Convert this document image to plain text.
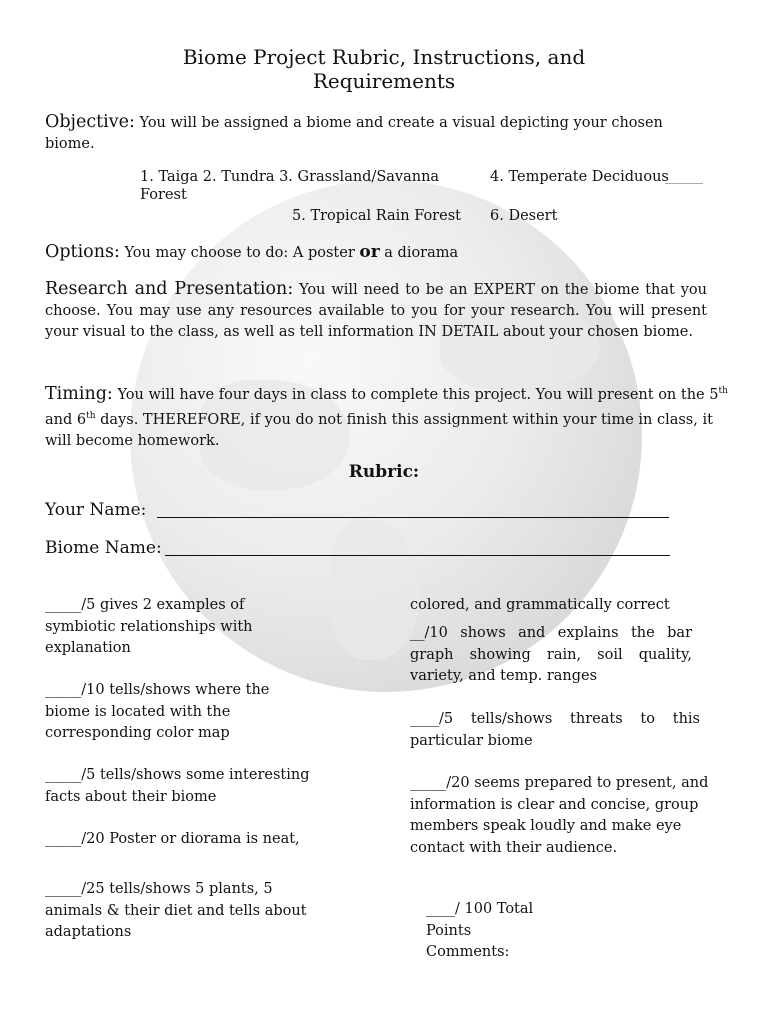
Biome Project Rubric, Instructions, and
Requirements
Objective: You will be assigned a biome and create a visual depicting your chosen biome.
1. Taiga 2. Tundra 3. Grassland/Savanna	4. Temperate Deciduous
Forest
5. Tropical Rain Forest 6. Desert
Options: You may choose to do: A poster or a diorama
Research and Presentation: You will need to be an EXPERT on the biome that you choose. You may use any resources available to you for your research. You will present your visual to the class, as well as tell information IN DETAIL about your chosen biome.
Timing: You will have four days in class to complete this project. You will present on the 5th and 6th days. THEREFORE, if you do not finish this assignment within your time in class, it will become homework.
Rubric:
Your Name:
Biome Name:
_____/5 gives 2 examples of symbiotic relationships with explanation
_____/10 tells/shows where the biome is located with the corresponding color map
_____/5 tells/shows some interesting facts about their biome
_____/20 Poster or diorama is neat,
_____/25 tells/shows 5 plants, 5 animals & their diet and tells about adaptations
colored, and grammatically correct
__/10 shows and explains the bar graph showing rain, soil quality, variety, and temp. ranges
____/5 tells/shows threats to this particular biome
_____/20 seems prepared to present, and information is clear and concise, group members speak loudly and make eye contact with their audience.
____/ 100 Total
Points
Comments:
